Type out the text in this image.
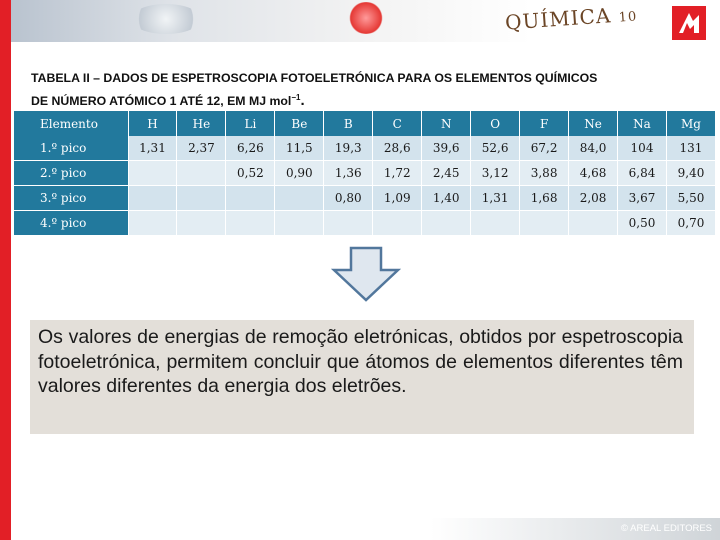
QUÍMICA 10
TABELA II – DADOS DE ESPETROSCOPIA FOTOELETRÓNICA PARA OS ELEMENTOS QUÍMICOS
DE NÚMERO ATÓMICO 1 ATÉ 12, EM MJ mol$^{-1}$.
Elemento	H	He	Li	Be	B	C	N	O	F	Ne	Na	Mg
1.º pico	1,31	2,37	6,26	11,5	19,3	28,6	39,6	52,6	67,2	84,0	104	131
2.º pico			0,52	0,90	1,36	1,72	2,45	3,12	3,88	4,68	6,84	9,40
3.º pico					0,80	1,09	1,40	1,31	1,68	2,08	3,67	5,50
4.º pico											0,50	0,70
Os valores de energias de remoção eletrónicas, obtidos por espetroscopia fotoeletrónica, permitem concluir que átomos de elementos diferentes têm valores diferentes da energia dos eletrões.
© AREAL EDITORES
